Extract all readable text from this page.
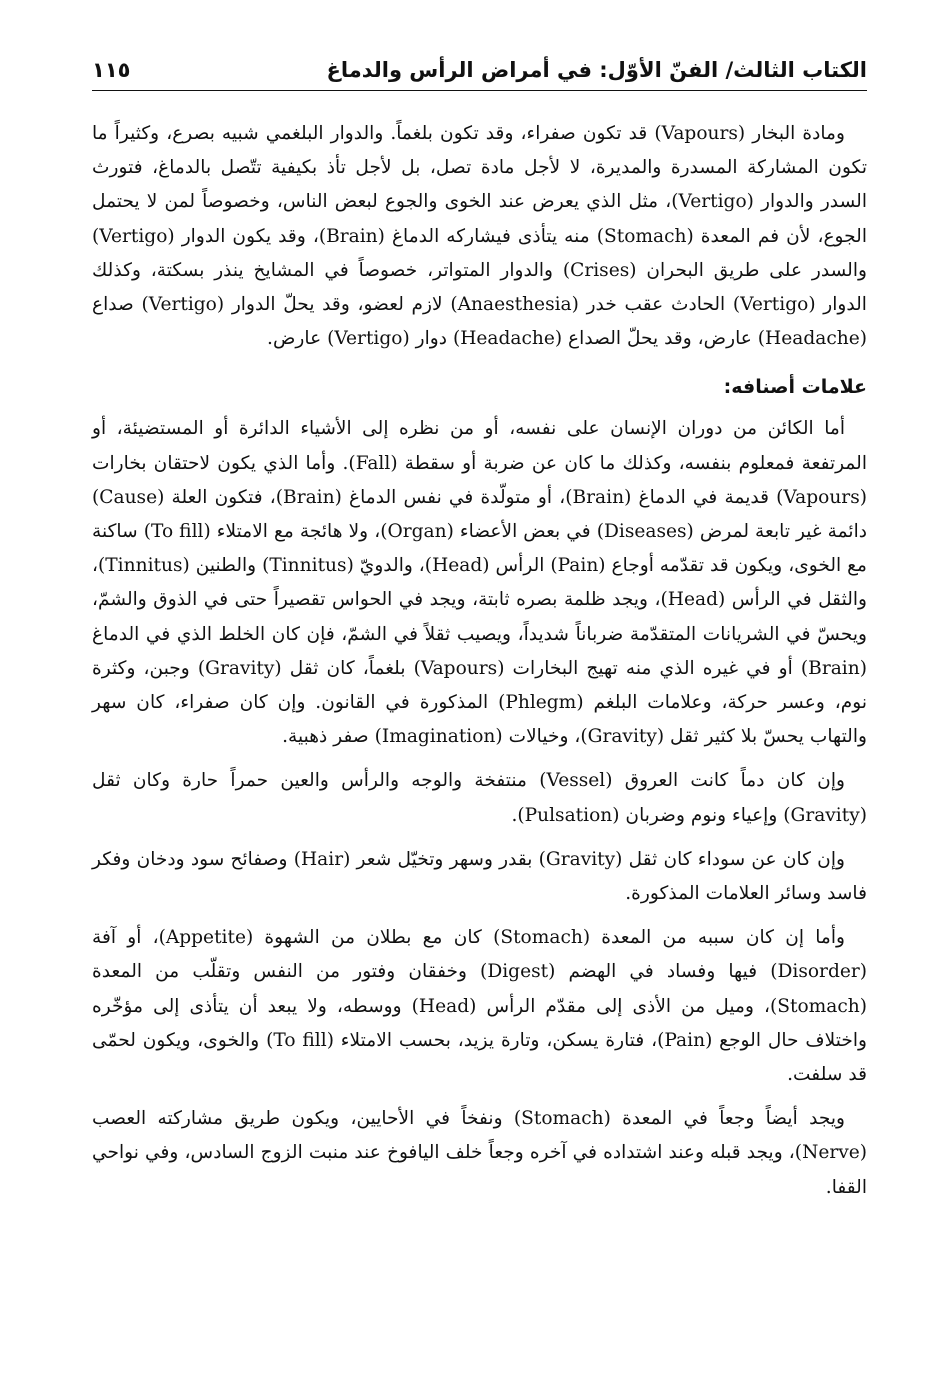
الكتاب الثالث/ الفنّ الأوّل: في أمراض الرأس والدماغ
١١٥

ومادة البخار (Vapours) قد تكون صفراء، وقد تكون بلغماً. والدوار البلغمي شبيه بصرع، وكثيراً ما تكون المشاركة المسدرة والمديرة، لا لأجل مادة تصل، بل لأجل تأذ بكيفية تتّصل بالدماغ، فتورث السدر والدوار (Vertigo)، مثل الذي يعرض عند الخوى والجوع لبعض الناس، وخصوصاً لمن لا يحتمل الجوع، لأن فم المعدة (Stomach) منه يتأذى فيشاركه الدماغ (Brain)، وقد يكون الدوار (Vertigo) والسدر على طريق البحران (Crises) والدوار المتواتر، خصوصاً في المشايخ ينذر بسكتة، وكذلك الدوار (Vertigo) الحادث عقب خدر (Anaesthesia) لازم لعضو، وقد يحلّ الدوار (Vertigo) صداع (Headache) عارض، وقد يحلّ الصداع (Headache) دوار (Vertigo) عارض.

علامات أصنافه:

أما الكائن من دوران الإنسان على نفسه، أو من نظره إلى الأشياء الدائرة أو المستضيئة، أو المرتفعة فمعلوم بنفسه، وكذلك ما كان عن ضربة أو سقطة (Fall). وأما الذي يكون لاحتقان بخارات (Vapours) قديمة في الدماغ (Brain)، أو متولّدة في نفس الدماغ (Brain)، فتكون العلة (Cause) دائمة غير تابعة لمرض (Diseases) في بعض الأعضاء (Organ)، ولا هائجة مع الامتلاء (To fill) ساكنة مع الخوى، ويكون قد تقدّمه أوجاع (Pain) الرأس (Head)، والدويّ (Tinnitus) والطنين (Tinnitus)، والثقل في الرأس (Head)، ويجد ظلمة بصره ثابتة، ويجد في الحواس تقصيراً حتى في الذوق والشمّ، ويحسّ في الشريانات المتقدّمة ضرباناً شديداً، ويصيب ثقلاً في الشمّ، فإن كان الخلط الذي في الدماغ (Brain) أو في غيره الذي منه تهيج البخارات (Vapours) بلغماً، كان ثقل (Gravity) وجبن، وكثرة نوم، وعسر حركة، وعلامات البلغم (Phlegm) المذكورة في القانون. وإن كان صفراء، كان سهر والتهاب يحسّ بلا كثير ثقل (Gravity)، وخيالات (Imagination) صفر ذهبية.

وإن كان دماً كانت العروق (Vessel) منتفخة والوجه والرأس والعين حمراً حارة وكان ثقل (Gravity) وإعياء ونوم وضربان (Pulsation).

وإن كان عن سوداء كان ثقل (Gravity) بقدر وسهر وتخيّل شعر (Hair) وصفائح سود ودخان وفكر فاسد وسائر العلامات المذكورة.

وأما إن كان سببه من المعدة (Stomach) كان مع بطلان من الشهوة (Appetite)، أو آفة (Disorder) فيها وفساد في الهضم (Digest) وخفقان وفتور من النفس وتقلّب من المعدة (Stomach)، وميل من الأذى إلى مقدّم الرأس (Head) ووسطه، ولا يبعد أن يتأذى إلى مؤخّره واختلاف حال الوجع (Pain)، فتارة يسكن، وتارة يزيد، بحسب الامتلاء (To fill) والخوى، ويكون لحمّى قد سلفت.

ويجد أيضاً وجعاً في المعدة (Stomach) ونفخاً في الأحايين، ويكون طريق مشاركته العصب (Nerve)، ويجد قبله وعند اشتداده في آخره وجعاً خلف اليافوخ عند منبت الزوج السادس، وفي نواحي القفا.
